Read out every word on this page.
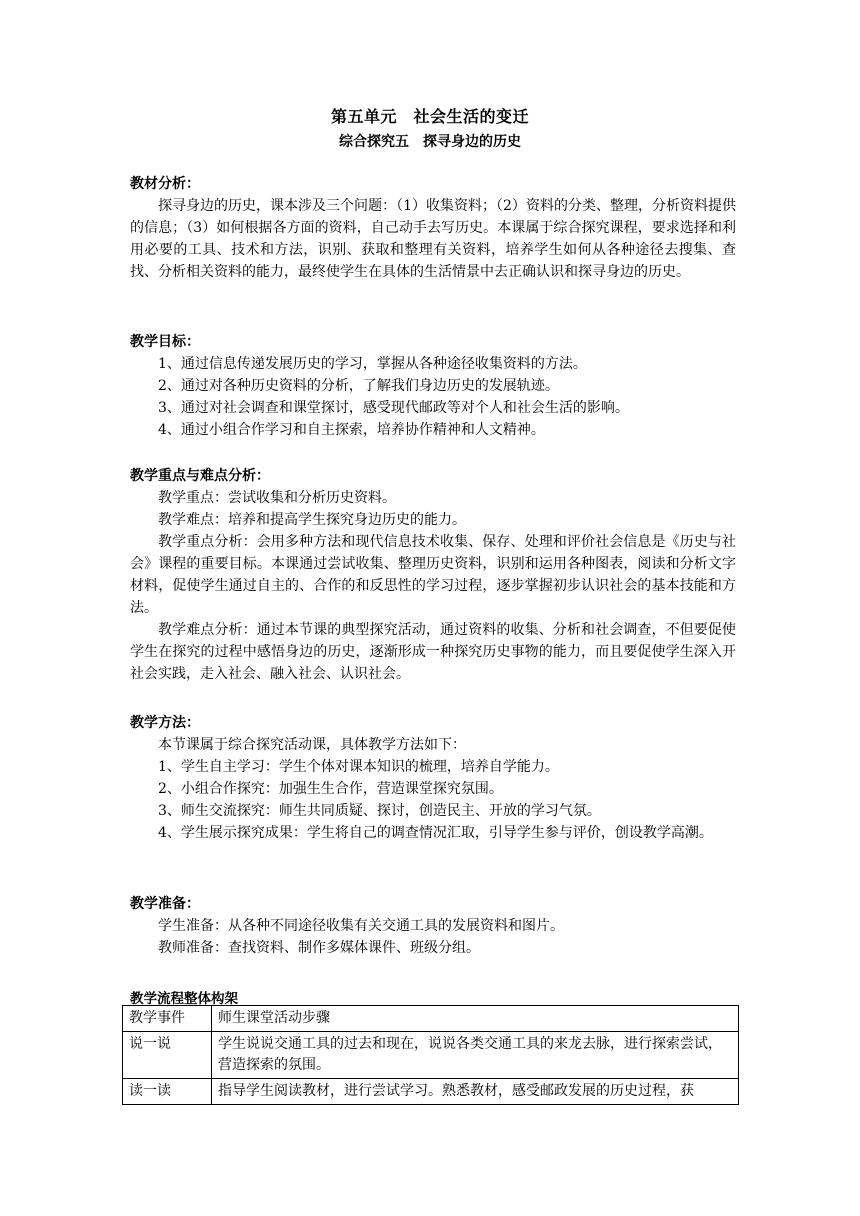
第五单元　社会生活的变迁
综合探究五　探寻身边的历史
教材分析：

探寻身边的历史，课本涉及三个问题：（1）收集资料；（2）资料的分类、整理，分析资料提供的信息；（3）如何根据各方面的资料，自己动手去写历史。本课属于综合探究课程，要求选择和利用必要的工具、技术和方法，识别、获取和整理有关资料，培养学生如何从各种途径去搜集、查找、分析相关资料的能力，最终使学生在具体的生活情景中去正确认识和探寻身边的历史。

教学目标：

1、通过信息传递发展历史的学习，掌握从各种途径收集资料的方法。

2、通过对各种历史资料的分析，了解我们身边历史的发展轨迹。

3、通过对社会调查和课堂探讨，感受现代邮政等对个人和社会生活的影响。

4、通过小组合作学习和自主探索，培养协作精神和人文精神。

教学重点与难点分析：

教学重点：尝试收集和分析历史资料。

教学难点：培养和提高学生探究身边历史的能力。

教学重点分析：会用多种方法和现代信息技术收集、保存、处理和评价社会信息是《历史与社会》课程的重要目标。本课通过尝试收集、整理历史资料，识别和运用各种图表，阅读和分析文字材料，促使学生通过自主的、合作的和反思性的学习过程，逐步掌握初步认识社会的基本技能和方法。

教学难点分析：通过本节课的典型探究活动，通过资料的收集、分析和社会调查，不但要促使学生在探究的过程中感悟身边的历史，逐渐形成一种探究历史事物的能力，而且要促使学生深入开社会实践，走入社会、融入社会、认识社会。

教学方法：

本节课属于综合探究活动课，具体教学方法如下：

1、学生自主学习：学生个体对课本知识的梳理，培养自学能力。

2、小组合作探究：加强生生合作，营造课堂探究氛围。

3、师生交流探究：师生共同质疑、探讨，创造民主、开放的学习气氛。

4、学生展示探究成果：学生将自己的调查情况汇取，引导学生参与评价，创设教学高潮。

教学准备：

学生准备：从各种不同途径收集有关交通工具的发展资料和图片。

教师准备：查找资料、制作多媒体课件、班级分组。

教学流程整体构架
教学事件	师生课堂活动步骤
说一说	学生说说交通工具的过去和现在，说说各类交通工具的来龙去脉，进行探索尝试，营造探索的氛围。
读一读	指导学生阅读教材，进行尝试学习。熟悉教材，感受邮政发展的历史过程，获
